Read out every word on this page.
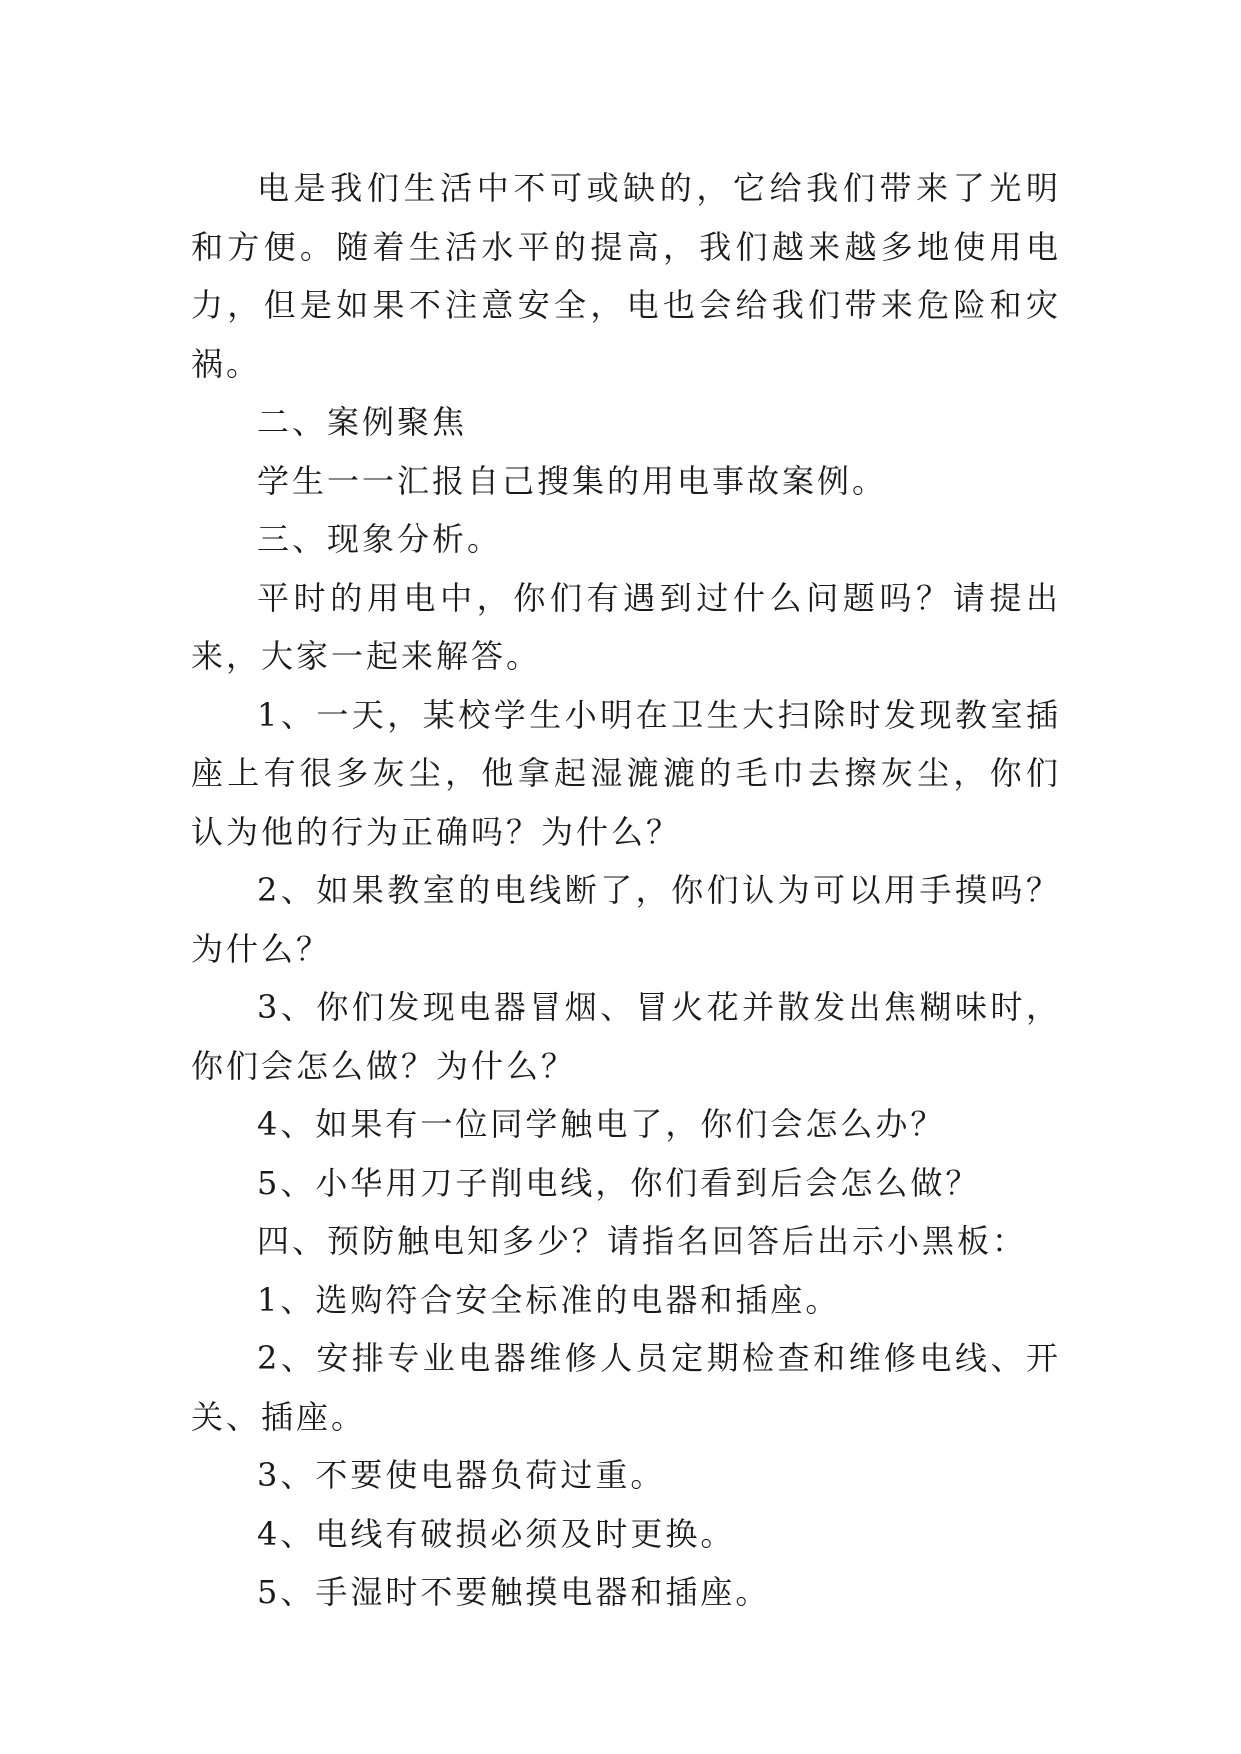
电是我们生活中不可或缺的，它给我们带来了光明和方便。随着生活水平的提高，我们越来越多地使用电力，但是如果不注意安全，电也会给我们带来危险和灾祸。

二、案例聚焦

学生一一汇报自己搜集的用电事故案例。

三、现象分析。

平时的用电中，你们有遇到过什么问题吗？请提出来，大家一起来解答。

1、一天，某校学生小明在卫生大扫除时发现教室插座上有很多灰尘，他拿起湿漉漉的毛巾去擦灰尘，你们认为他的行为正确吗？为什么？

2、如果教室的电线断了，你们认为可以用手摸吗？为什么？

3、你们发现电器冒烟、冒火花并散发出焦糊味时，你们会怎么做？为什么？

4、如果有一位同学触电了，你们会怎么办？

5、小华用刀子削电线，你们看到后会怎么做？

四、预防触电知多少？请指名回答后出示小黑板：

1、选购符合安全标准的电器和插座。

2、安排专业电器维修人员定期检查和维修电线、开关、插座。

3、不要使电器负荷过重。

4、电线有破损必须及时更换。

5、手湿时不要触摸电器和插座。
